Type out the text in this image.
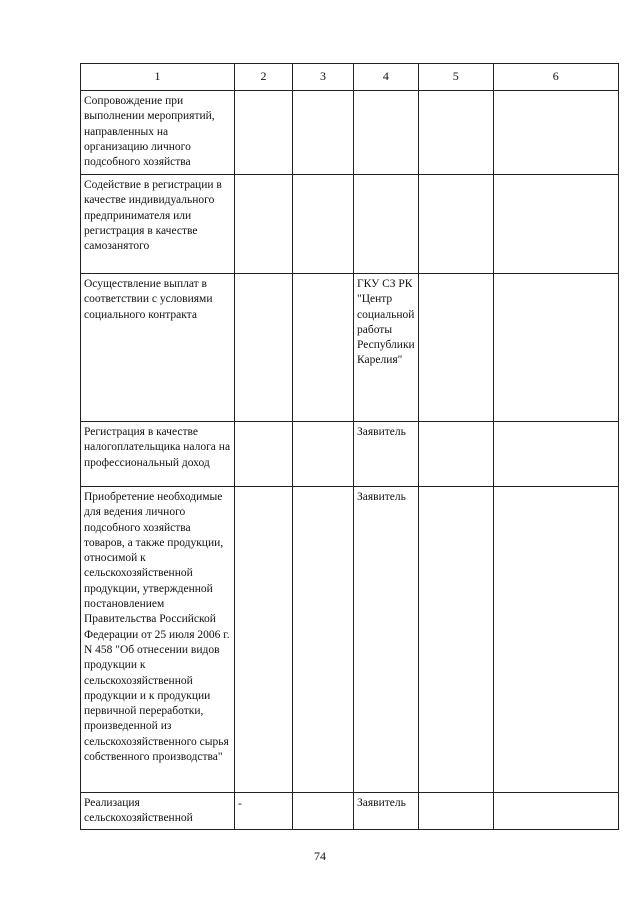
1	2	3	4	5	6

Сопровождение при выполнении мероприятий, направленных на организацию личного подсобного хозяйства					

Содействие в регистрации в качестве индивидуального предпринимателя или регистрация в качестве самозанятого					

Осуществление выплат в соответствии с условиями социального контракта			ГКУ СЗ РК "Центр социальной работы Республики Карелия"		

Регистрация в качестве налогоплательщика налога на профессиональный доход			Заявитель		

Приобретение необходимые для ведения личного подсобного хозяйства товаров, а также продукции, относимой к сельскохозяйственной продукции, утвержденной постановлением Правительства Российской Федерации от 25 июля 2006 г. N 458 "Об отнесении видов продукции к сельскохозяйственной продукции и к продукции первичной переработки, произведенной из сельскохозяйственного сырья собственного производства"			Заявитель		

Реализация сельскохозяйственной	-		Заявитель		

74
